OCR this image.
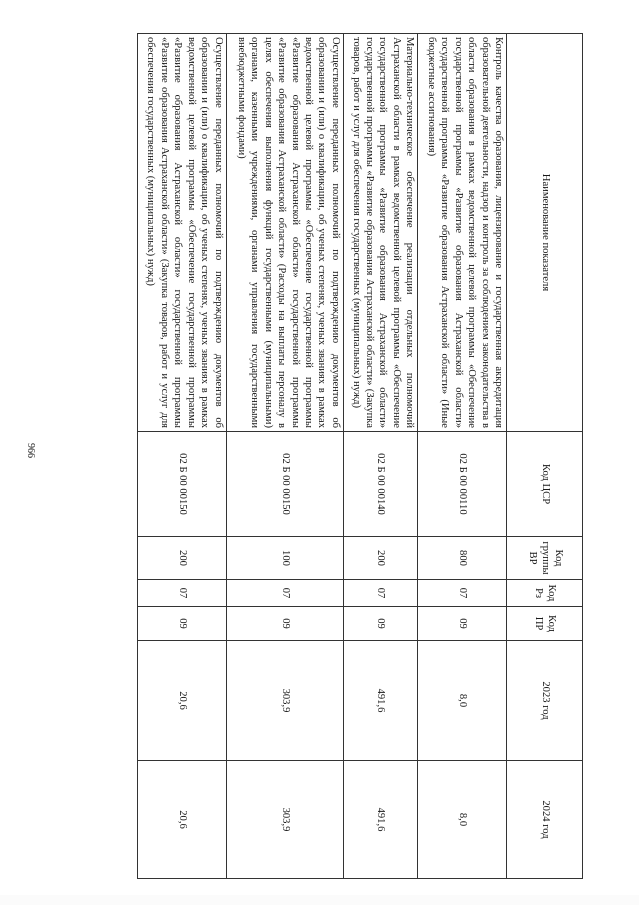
966
Наименование показателя	Код ЦСР	Код группы ВР	Код Рз	Код ПР	2023 год	2024 год
Контроль качества образования, лицензирование и государственная аккредитация образовательной деятельности, надзор и контроль за соблюдением законодательства в области образования в рамках ведомственной целевой программы «Обеспечение государственной программы «Развитие образования Астраханской области» государственной программы «Развитие образования Астраханской области» (Иные бюджетные ассигнования)	02 Б 00 00110	800	07	09	8,0	8,0
Материально-техническое обеспечение реализации отдельных полномочий Астраханской области в рамках ведомственной целевой программы «Обеспечение государственной программы «Развитие образования Астраханской области» государственной программы «Развитие образования Астраханской области» (Закупка товаров, работ и услуг для обеспечения государственных (муниципальных) нужд)	02 Б 00 00140	200	07	09	491,6	491,6
Осуществление переданных полномочий по подтверждению документов об образовании и (или) о квалификации, об ученых степенях, ученых званиях в рамках ведомственной целевой программы «Обеспечение государственной программы «Развитие образования Астраханской области» государственной программы «Развитие образования Астраханской области» (Расходы на выплаты персоналу в целях обеспечения выполнения функций государственными (муниципальными) органами, казенными учреждениями, органами управления государственными внебюджетными фондами)	02 Б 00 00150	100	07	09	303,9	303,9
Осуществление переданных полномочий по подтверждению документов об образовании и (или) о квалификации, об ученых степенях, ученых званиях в рамках ведомственной целевой программы «Обеспечение государственной программы «Развитие образования Астраханской области» государственной программы «Развитие образования Астраханской области» (Закупка товаров, работ и услуг для обеспечения государственных (муниципальных) нужд)	02 Б 00 00150	200	07	09	20,6	20,6
